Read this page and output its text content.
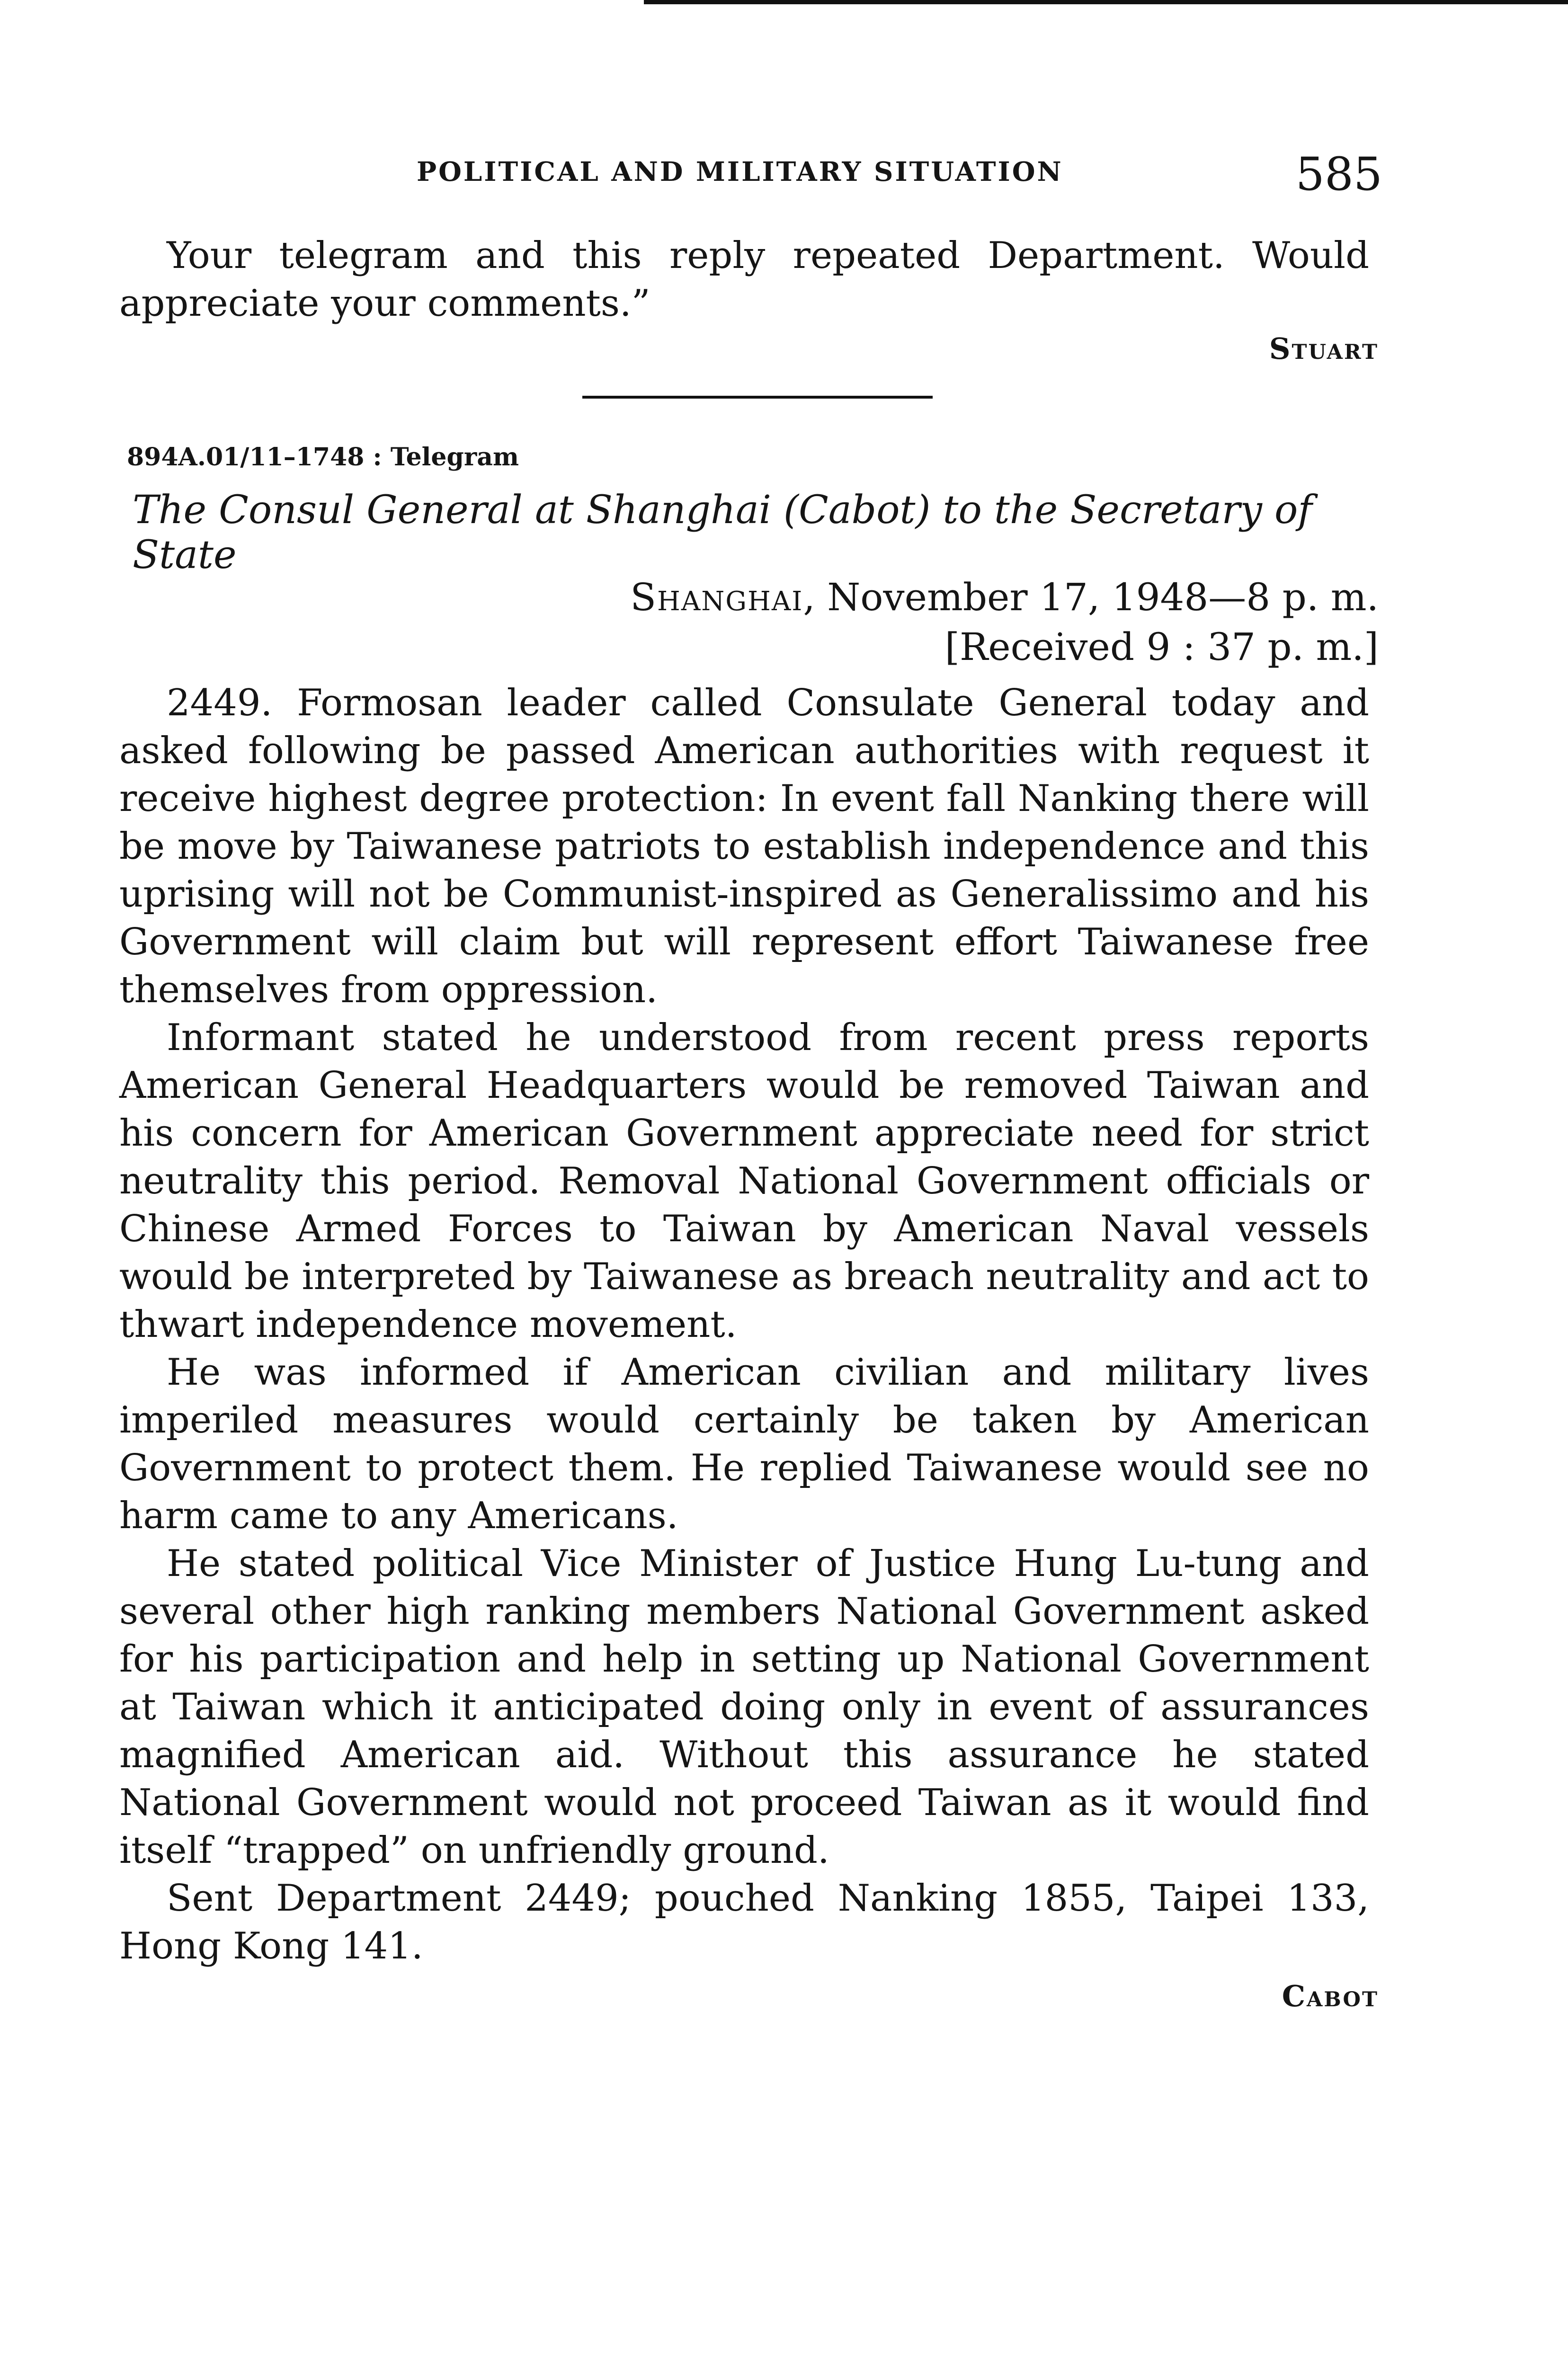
POLITICAL AND MILITARY SITUATION	585

Your telegram and this reply repeated Department. Would appreciate your comments.”

Stuart
894A.01/11–1748 : Telegram
The Consul General at Shanghai (Cabot) to the Secretary of State
Shanghai, November 17, 1948—8 p. m.
[Received 9 : 37 p. m.]

2449. Formosan leader called Consulate General today and asked following be passed American authorities with request it receive highest degree protection: In event fall Nanking there will be move by Taiwanese patriots to establish independence and this uprising will not be Communist-inspired as Generalissimo and his Government will claim but will represent effort Taiwanese free themselves from oppression.

Informant stated he understood from recent press reports American General Headquarters would be removed Taiwan and his concern for American Government appreciate need for strict neutrality this period. Removal National Government officials or Chinese Armed Forces to Taiwan by American Naval vessels would be interpreted by Taiwanese as breach neutrality and act to thwart independence movement.

He was informed if American civilian and military lives imperiled measures would certainly be taken by American Government to protect them. He replied Taiwanese would see no harm came to any Americans.

He stated political Vice Minister of Justice Hung Lu-tung and several other high ranking members National Government asked for his participation and help in setting up National Government at Taiwan which it anticipated doing only in event of assurances magnified American aid. Without this assurance he stated National Government would not proceed Taiwan as it would find itself “trapped” on unfriendly ground.

Sent Department 2449; pouched Nanking 1855, Taipei 133, Hong Kong 141.

Cabot
